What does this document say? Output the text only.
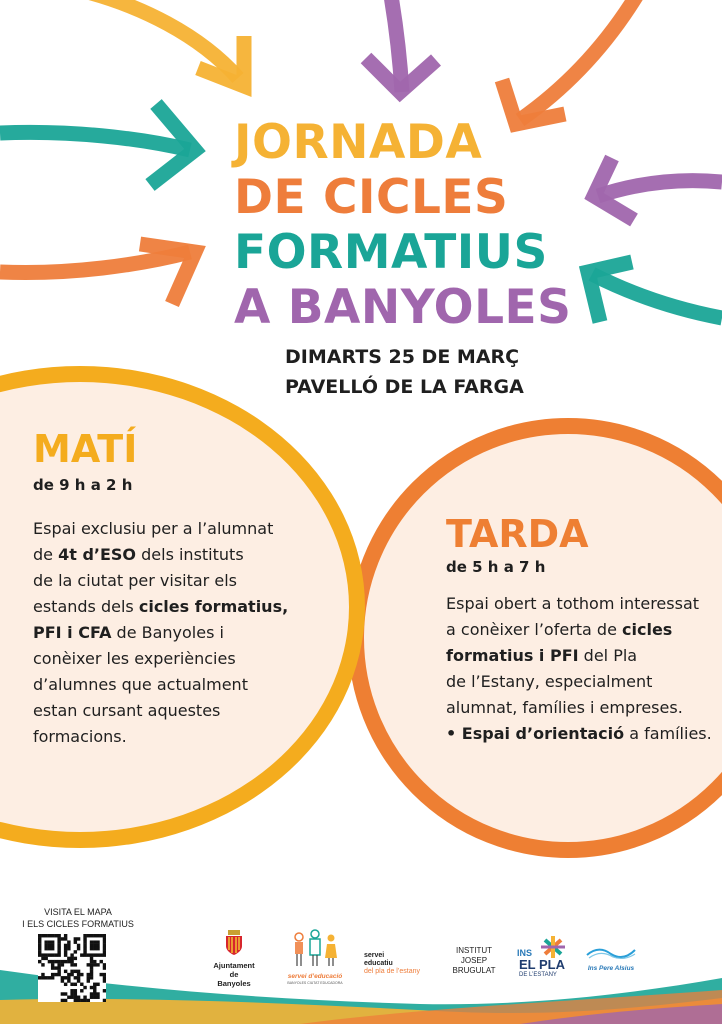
JORNADA
DE CICLES
FORMATIUS
A BANYOLES
DIMARTS 25 DE MARÇ
PAVELLÓ DE LA FARGA
MATÍ
de 9 h a 2 h

Espai exclusiu per a l’alumnat

de 4t d’ESO dels instituts

de la ciutat per visitar els

estands dels cicles formatius,

PFI i CFA de Banyoles i

conèixer les experiències

d’alumnes que actualment

estan cursant aquestes

formacions.

TARDA
de 5 h a 7 h

Espai obert a tothom interessat

a conèixer l’oferta de cicles

formatius i PFI del Pla

de l’Estany, especialment

alumnat, famílies i empreses.

• Espai d’orientació a famílies.

VISITA EL MAPA
I ELS CICLES FORMATIUS
Ajuntament
de Banyoles
servei d’educació
BANYOLES CIUTAT EDUCADORA
servei
educatiu
del pla de l’estany
INSTITUT
JOSEP
BRUGULAT
INS
EL PLA
DE L’ESTANY
Ins Pere Alsius
